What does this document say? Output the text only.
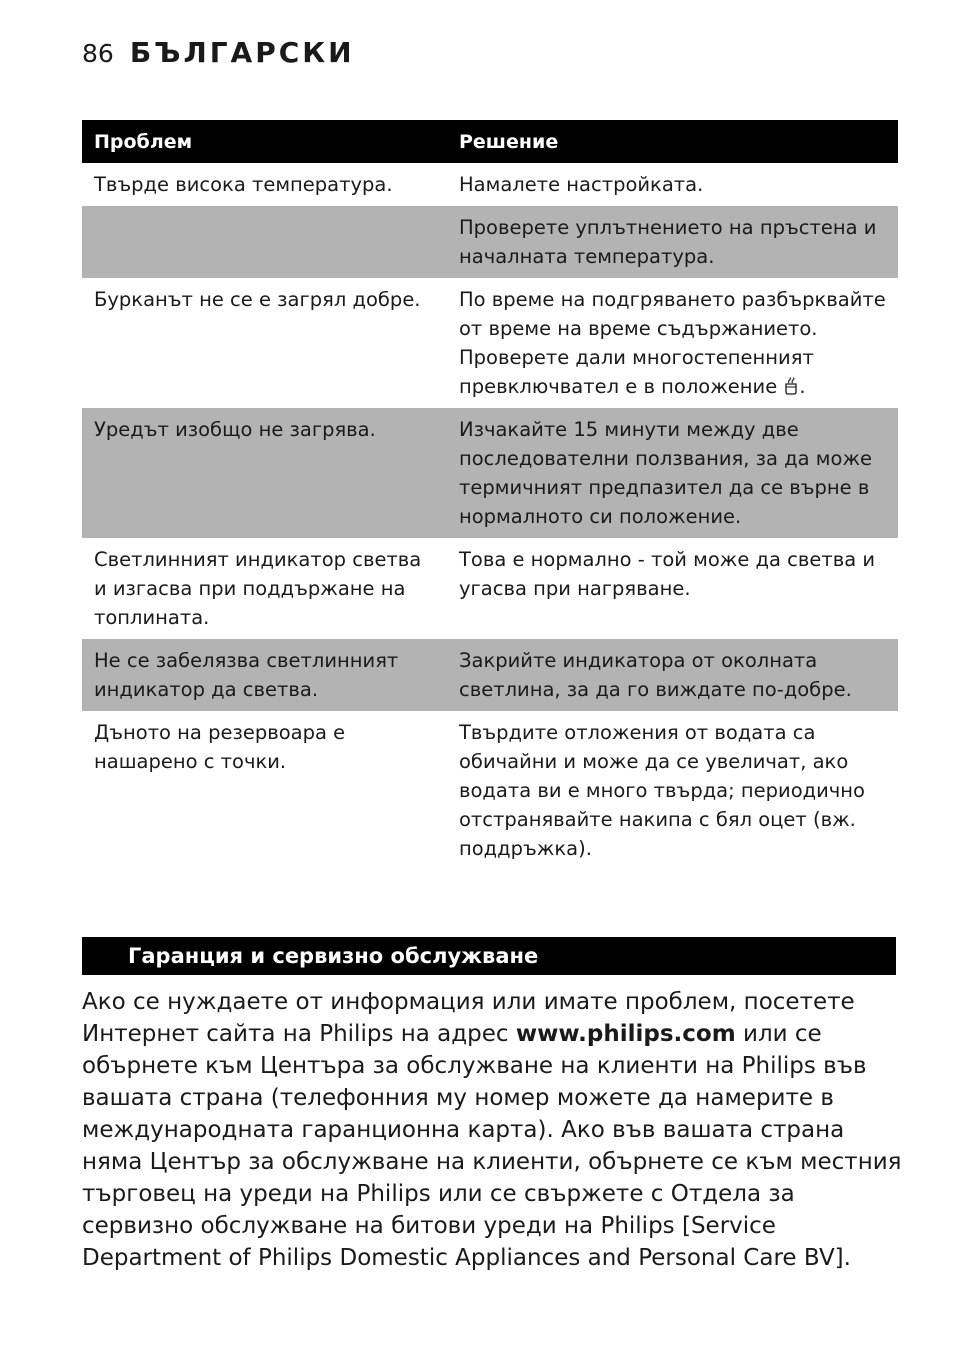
86 БЪЛГАРСКИ
Проблем	Решение
Твърде висока температура.	Намалете настройката.
	Проверете уплътнението на пръстена и началната температура.
Бурканът не се е загрял добре.	По време на подгряването разбърквайте от време на време съдържанието. Проверете дали многостепенният превключвател е в положение .
Уредът изобщо не загрява.	Изчакайте 15 минути между две последователни ползвания, за да може термичният предпазител да се върне в нормалното си положение.
Светлинният индикатор светва и изгасва при поддържане на топлината.	Това е нормално - той може да светва и угасва при нагряване.
Не се забелязва светлинният индикатор да светва.	Закрийте индикатора от околната светлина, за да го виждате по-добре.
Дъното на резервоара е нашарено с точки.	Твърдите отложения от водата са обичайни и може да се увеличат, ако водата ви е много твърда; периодично отстранявайте накипа с бял оцет (вж. поддръжка).
Гаранция и сервизно обслужване

Ако се нуждаете от информация или имате проблем, посетете Интернет сайта на Philips на адрес www.philips.com или се обърнете към Центъра за обслужване на клиенти на Philips във вашата страна (телефонния му номер можете да намерите в международната гаранционна карта). Ако във вашата страна няма Център за обслужване на клиенти, обърнете се към местния търговец на уреди на Philips или се свържете с Отдела за сервизно обслужване на битови уреди на Philips [Service Department of Philips Domestic Appliances and Personal Care BV].
